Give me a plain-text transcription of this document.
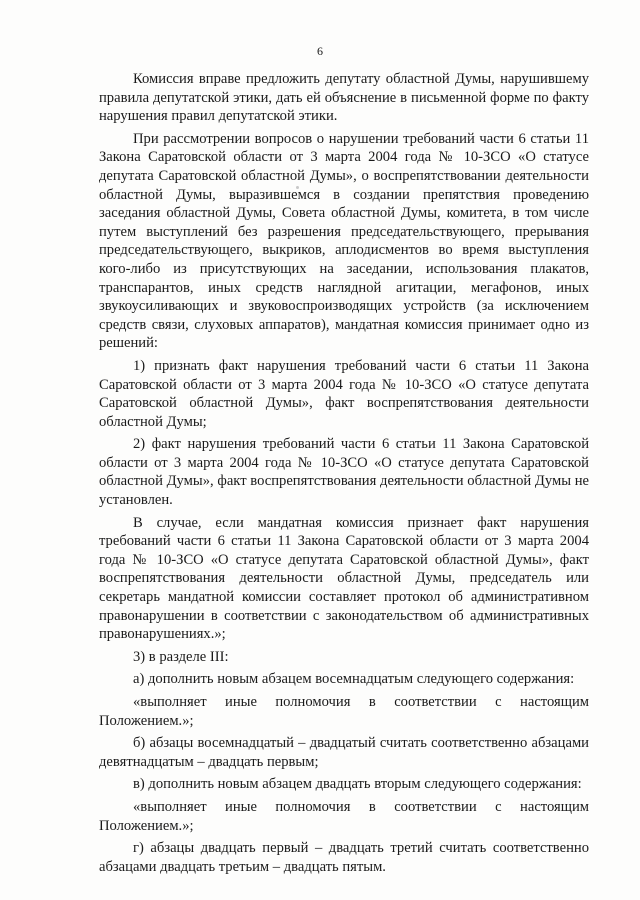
6

Комиссия вправе предложить депутату областной Думы, нарушившему правила депутатской этики, дать ей объяснение в письменной форме по факту нарушения правил депутатской этики.

При рассмотрении вопросов о нарушении требований части 6 статьи 11 Закона Саратовской области от 3 марта 2004 года № 10-ЗСО «О статусе депутата Саратовской областной Думы», о воспрепятствовании деятельности областной Думы, выразившемся в создании препятствия проведению заседания областной Думы, Совета областной Думы, комитета, в том числе путем выступлений без разрешения председательствующего, прерывания председательствующего, выкриков, аплодисментов во время выступления кого-либо из присутствующих на заседании, использования плакатов, транспарантов, иных средств наглядной агитации, мегафонов, иных звукоусиливающих и звуковоспроизводящих устройств (за исключением средств связи, слуховых аппаратов), мандатная комиссия принимает одно из решений:

1) признать факт нарушения требований части 6 статьи 11 Закона Саратовской области от 3 марта 2004 года № 10-ЗСО «О статусе депутата Саратовской областной Думы», факт воспрепятствования деятельности областной Думы;

2) факт нарушения требований части 6 статьи 11 Закона Саратовской области от 3 марта 2004 года № 10-ЗСО «О статусе депутата Саратовской областной Думы», факт воспрепятствования деятельности областной Думы не установлен.

В случае, если мандатная комиссия признает факт нарушения требований части 6 статьи 11 Закона Саратовской области от 3 марта 2004 года № 10-ЗСО «О статусе депутата Саратовской областной Думы», факт воспрепятствования деятельности областной Думы, председатель или секретарь мандатной комиссии составляет протокол об административном правонарушении в соответствии с законодательством об административных правонарушениях.»;

3) в разделе III:

а) дополнить новым абзацем восемнадцатым следующего содержания:

«выполняет иные полномочия в соответствии с настоящим Положением.»;

б) абзацы восемнадцатый – двадцатый считать соответственно абзацами девятнадцатым – двадцать первым;

в) дополнить новым абзацем двадцать вторым следующего содержания:

«выполняет иные полномочия в соответствии с настоящим Положением.»;

г) абзацы двадцать первый – двадцать третий считать соответственно абзацами двадцать третьим – двадцать пятым.
